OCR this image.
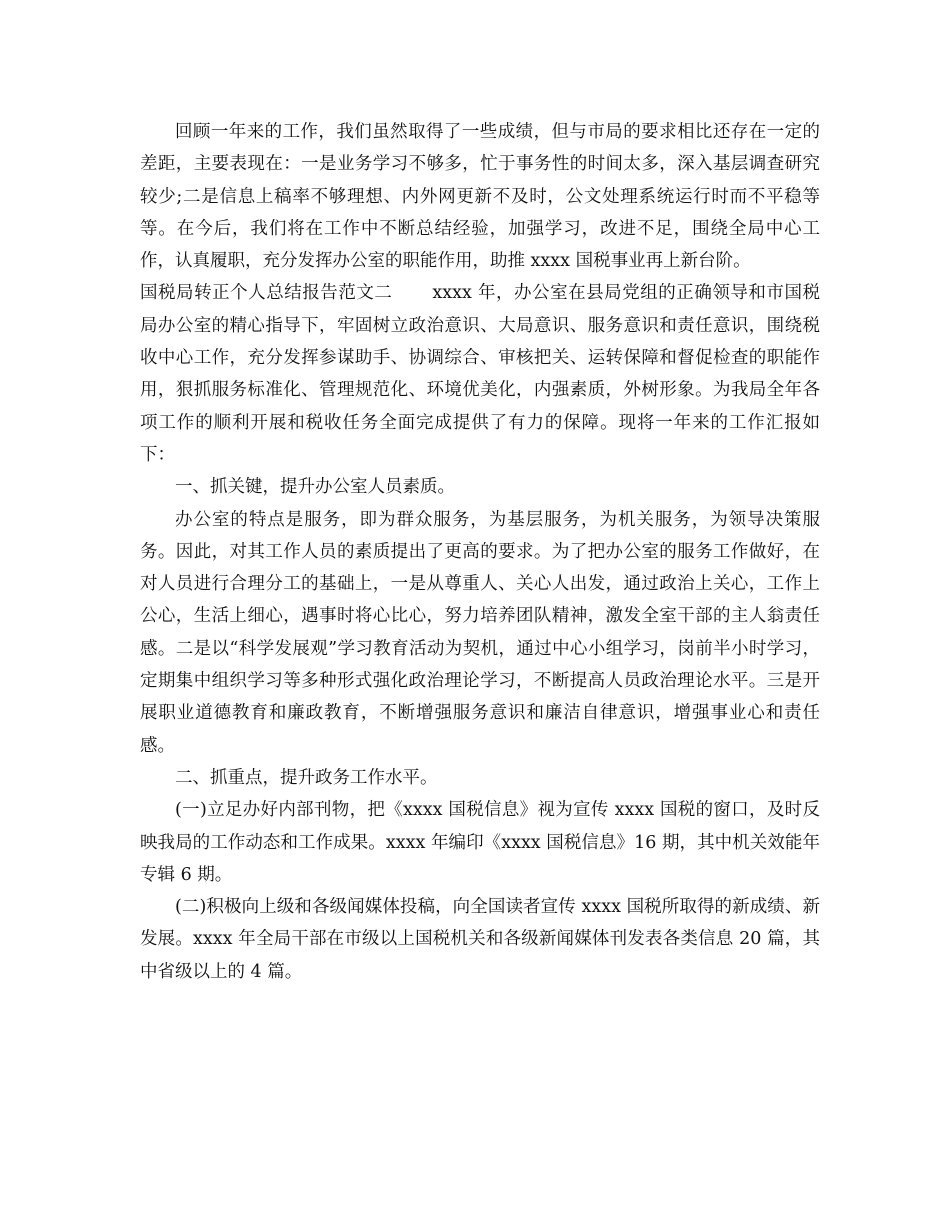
回顾一年来的工作，我们虽然取得了一些成绩，但与市局的要求相比还存在一定的差距，主要表现在：一是业务学习不够多，忙于事务性的时间太多，深入基层调查研究较少;二是信息上稿率不够理想、内外网更新不及时，公文处理系统运行时而不平稳等等。在今后，我们将在工作中不断总结经验，加强学习，改进不足，围绕全局中心工作，认真履职，充分发挥办公室的职能作用，助推 xxxx 国税事业再上新台阶。

国税局转正个人总结报告范文二 xxxx 年，办公室在县局党组的正确领导和市国税局办公室的精心指导下，牢固树立政治意识、大局意识、服务意识和责任意识，围绕税收中心工作，充分发挥参谋助手、协调综合、审核把关、运转保障和督促检查的职能作用，狠抓服务标准化、管理规范化、环境优美化，内强素质，外树形象。为我局全年各项工作的顺利开展和税收任务全面完成提供了有力的保障。现将一年来的工作汇报如下：

一、抓关键，提升办公室人员素质。

办公室的特点是服务，即为群众服务，为基层服务，为机关服务，为领导决策服务。因此，对其工作人员的素质提出了更高的要求。为了把办公室的服务工作做好，在对人员进行合理分工的基础上，一是从尊重人、关心人出发，通过政治上关心，工作上公心，生活上细心，遇事时将心比心，努力培养团队精神，激发全室干部的主人翁责任感。二是以“科学发展观”学习教育活动为契机，通过中心小组学习，岗前半小时学习，定期集中组织学习等多种形式强化政治理论学习，不断提高人员政治理论水平。三是开展职业道德教育和廉政教育，不断增强服务意识和廉洁自律意识，增强事业心和责任感。

二、抓重点，提升政务工作水平。

(一)立足办好内部刊物，把《xxxx 国税信息》视为宣传 xxxx 国税的窗口，及时反映我局的工作动态和工作成果。xxxx 年编印《xxxx 国税信息》16 期，其中机关效能年专辑 6 期。

(二)积极向上级和各级闻媒体投稿，向全国读者宣传 xxxx 国税所取得的新成绩、新发展。xxxx 年全局干部在市级以上国税机关和各级新闻媒体刊发表各类信息 20 篇，其中省级以上的 4 篇。
